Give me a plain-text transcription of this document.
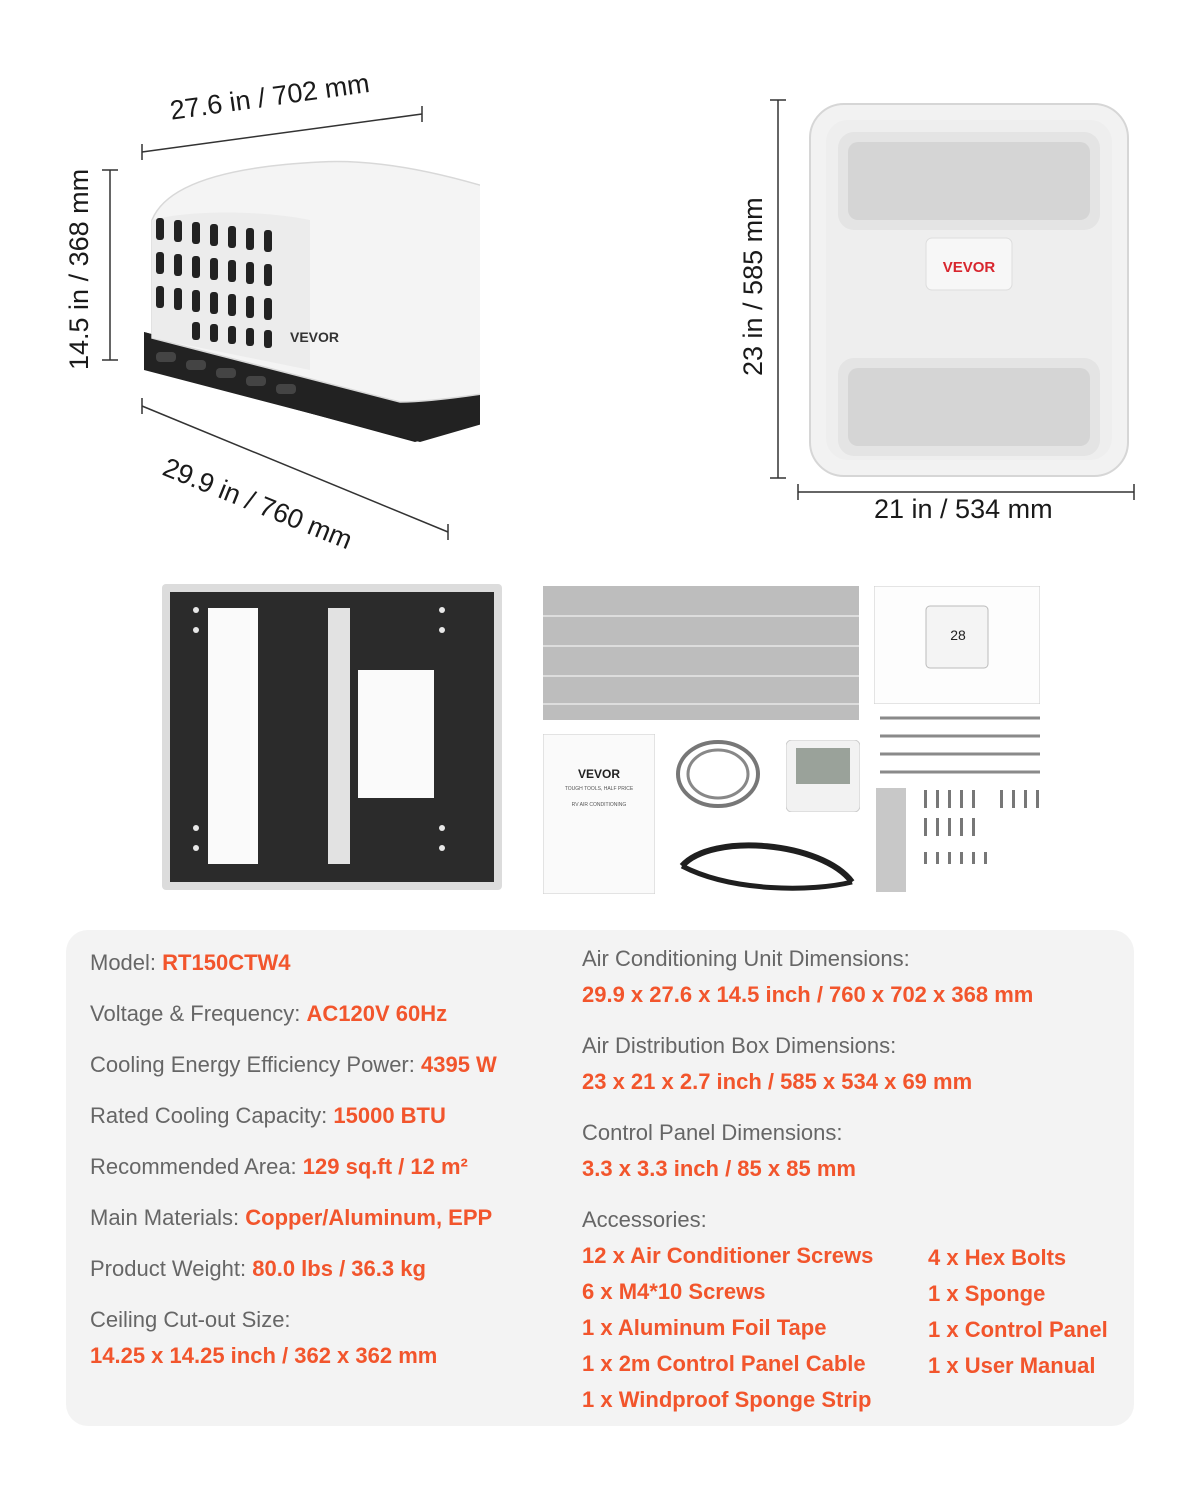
VEVOR
27.6 in / 702 mm
14.5 in / 368 mm
29.9 in / 760 mm
VEVOR
23 in / 585 mm
21 in / 534 mm
28
VEVOR
TOUGH TOOLS, HALF PRICE
RV AIR CONDITIONING
Model: RT150CTW4
Voltage & Frequency: AC120V 60Hz
Cooling Energy Efficiency Power: 4395 W
Rated Cooling Capacity: 15000 BTU
Recommended Area: 129 sq.ft / 12 m²
Main Materials: Copper/Aluminum, EPP
Product Weight: 80.0 lbs / 36.3 kg
Ceiling Cut-out Size:
14.25 x 14.25 inch / 362 x 362 mm
Air Conditioning Unit Dimensions:
29.9 x 27.6 x 14.5 inch / 760 x 702 x 368 mm
Air Distribution Box Dimensions:
23 x 21 x 2.7 inch / 585 x 534 x 69 mm
Control Panel Dimensions:
3.3 x 3.3 inch / 85 x 85 mm
Accessories:
12 x Air Conditioner Screws
6 x M4*10 Screws
1 x Aluminum Foil Tape
1 x 2m Control Panel Cable
1 x Windproof Sponge Strip
4 x Hex Bolts
1 x Sponge
1 x Control Panel
1 x User Manual
